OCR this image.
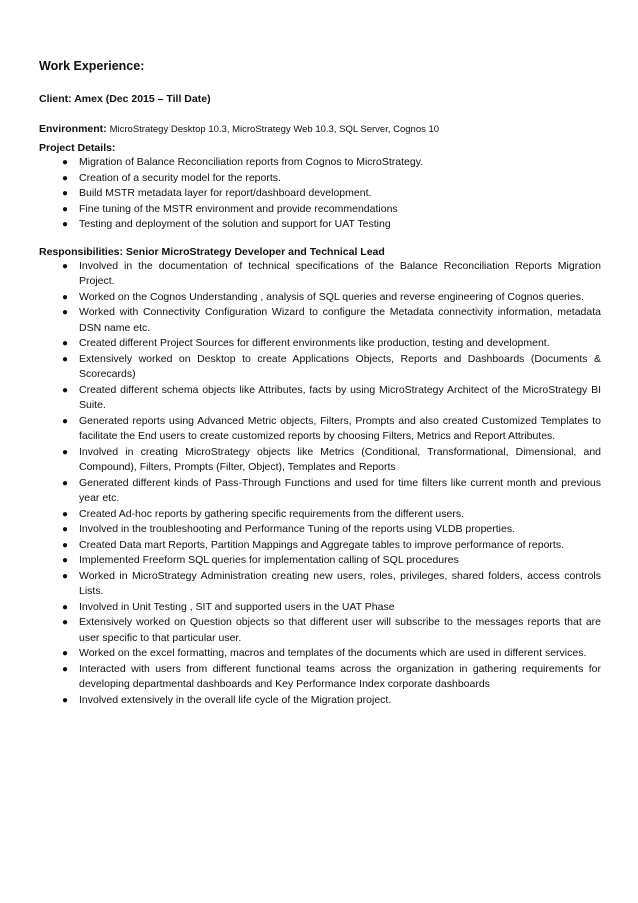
Work Experience:

Client: Amex (Dec 2015 – Till Date)

Environment: MicroStrategy Desktop 10.3, MicroStrategy Web 10.3, SQL Server, Cognos 10

Project Details:

● Migration of Balance Reconciliation reports from Cognos to MicroStrategy.
● Creation of a security model for the reports.
● Build MSTR metadata layer for report/dashboard development.
● Fine tuning of the MSTR environment and provide recommendations
● Testing and deployment of the solution and support for UAT Testing

Responsibilities: Senior MicroStrategy Developer and Technical Lead

● Involved in the documentation of technical specifications of the Balance Reconciliation Reports Migration Project.
● Worked on the Cognos Understanding , analysis of SQL queries and reverse engineering of Cognos queries.
● Worked with Connectivity Configuration Wizard to configure the Metadata connectivity information, metadata DSN name etc.
● Created different Project Sources for different environments like production, testing and development.
● Extensively worked on Desktop to create Applications Objects, Reports and Dashboards (Documents & Scorecards)
● Created different schema objects like Attributes, facts by using MicroStrategy Architect of the MicroStrategy BI Suite.
● Generated reports using Advanced Metric objects, Filters, Prompts and also created Customized Templates to facilitate the End users to create customized reports by choosing Filters, Metrics and Report Attributes.
● Involved in creating MicroStrategy objects like Metrics (Conditional, Transformational, Dimensional, and Compound), Filters, Prompts (Filter, Object), Templates and Reports
● Generated different kinds of Pass-Through Functions and used for time filters like current month and previous year etc.
● Created Ad-hoc reports by gathering specific requirements from the different users.
● Involved in the troubleshooting and Performance Tuning of the reports using VLDB properties.
● Created Data mart Reports, Partition Mappings and Aggregate tables to improve performance of reports.
● Implemented Freeform SQL queries for implementation calling of SQL procedures
● Worked in MicroStrategy Administration creating new users, roles, privileges, shared folders, access controls Lists.
● Involved in Unit Testing , SIT and supported users in the UAT Phase
● Extensively worked on Question objects so that different user will subscribe to the messages reports that are user specific to that particular user.
● Worked on the excel formatting, macros and templates of the documents which are used in different services.
● Interacted with users from different functional teams across the organization in gathering requirements for developing departmental dashboards and Key Performance Index corporate dashboards
● Involved extensively in the overall life cycle of the Migration project.
